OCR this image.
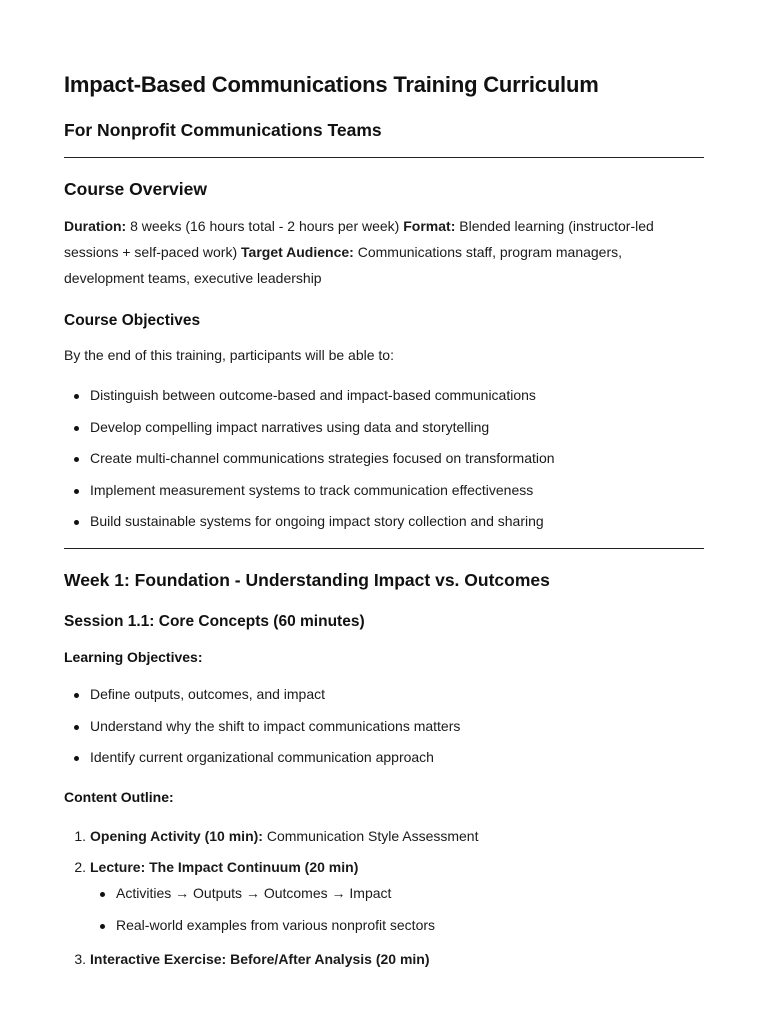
Impact-Based Communications Training Curriculum
For Nonprofit Communications Teams
Course Overview
Duration: 8 weeks (16 hours total - 2 hours per week) Format: Blended learning (instructor-led
sessions + self-paced work) Target Audience: Communications staff, program managers,
development teams, executive leadership
Course Objectives
By the end of this training, participants will be able to:
Distinguish between outcome-based and impact-based communications
Develop compelling impact narratives using data and storytelling
Create multi-channel communications strategies focused on transformation
Implement measurement systems to track communication effectiveness
Build sustainable systems for ongoing impact story collection and sharing
Week 1: Foundation - Understanding Impact vs. Outcomes
Session 1.1: Core Concepts (60 minutes)
Learning Objectives:
Define outputs, outcomes, and impact
Understand why the shift to impact communications matters
Identify current organizational communication approach
Content Outline:
1. Opening Activity (10 min): Communication Style Assessment
2. Lecture: The Impact Continuum (20 min)
Activities → Outputs → Outcomes → Impact
Real-world examples from various nonprofit sectors
3. Interactive Exercise: Before/After Analysis (20 min)
